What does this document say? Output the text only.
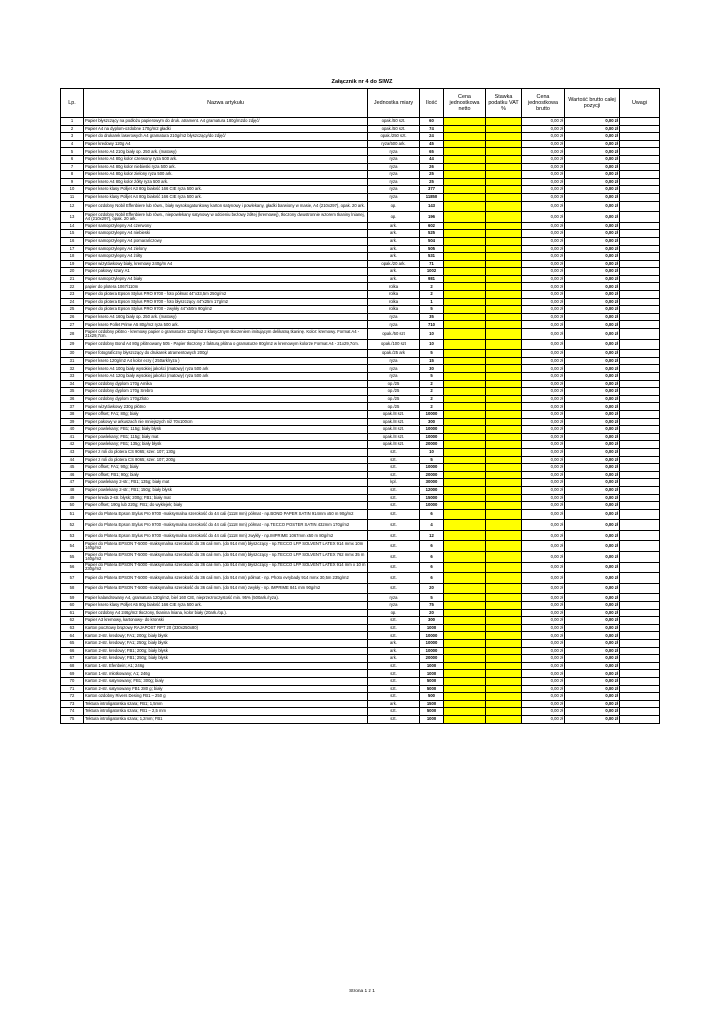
Załącznik nr 4 do SIWZ
Lp.	Nazwa artykułu	Jednostka miary	Ilość	Cena jednostkowa netto	Stawka podatku VAT %	Cena jednostkowa brutto	Wartość brutto całej pozycji	Uwagi
1	Papier błyszczący na podłożu papierowym do druk. atrament. A4 gramatura 180g/m2do zdjęć/	opak./50 szt.	60			0,00 zł	0,00 zł	
2	Papier A4 na dyplom-ozdobne 170g/m2 gładki	opak./50 szt.	74			0,00 zł	0,00 zł	
3	Papier do drukarek laserowych A4 gramatura 210g/m2 błyszczący/do zdjęć/	opak./250 szt.	24			0,00 zł	0,00 zł	
4	Papier kredowy 120g A4	ryza/500 ark.	45			0,00 zł	0,00 zł	
5	Papier ksero A4 210g biały op. 250 ark. (matowy)	ryza	65			0,00 zł	0,00 zł	
6	Papier ksero A4 80g kolor czerwony ryza 500 ark.	ryza	44			0,00 zł	0,00 zł	
7	Papier ksero A4 80g kolor niebieski ryza 500 ark.	ryza	26			0,00 zł	0,00 zł	
8	Papier ksero A4 80g kolor zielony ryza 500 ark.	ryza	25			0,00 zł	0,00 zł	
9	Papier ksero A4 80g kolor żółty ryza 500 ark.	ryza	25			0,00 zł	0,00 zł	
10	Papier ksero klasy Polljet A3 80g białość 166 CIE ryza 500 ark.	ryza	377			0,00 zł	0,00 zł	
11	Papier ksero klasy Polljet A4 80g białość 166 CIE ryza 500 ark.	ryza	11850			0,00 zł	0,00 zł	
12	Papier ozdobny Nobil Effenbiere lub równ., biały wysokogatunkowy karton satynowy i powlekany, gładki barwiony w masie, A4 (210x297), opak. 20 ark.	op.	143			0,00 zł	0,00 zł	
13	Papier ozdobny Nobil Effenbiere lub równ., niepowlekany satynowy w odcieniu beżowy żółtej (kremowej), tłoczony dwustronnie wzorem tkaniny lnianej, A4 (210x297), opak. 20 ark.	op.	196			0,00 zł	0,00 zł	
14	Papier samoprzylepny A4 czerwony	ark.	602			0,00 zł	0,00 zł	
15	Papier samoprzylepny A4 niebieski	ark.	525			0,00 zł	0,00 zł	
16	Papier samoprzylepny A4 pomarańczowy	ark.	504			0,00 zł	0,00 zł	
17	Papier samoprzylepny A4 zielony	ark.	505			0,00 zł	0,00 zł	
18	Papier samoprzylepny A4 żółty	ark.	531			0,00 zł	0,00 zł	
19	Papier wizytówkowy biały, kremowy 240g/m A4	opak./20 ark.	71			0,00 zł	0,00 zł	
20	Papier pakowy szary A1	ark.	1002			0,00 zł	0,00 zł	
21	Papier samoprzylepny A4 biały	ark.	981			0,00 zł	0,00 zł	
22	papier do plotera 1067/110m	rolka	2			0,00 zł	0,00 zł	
23	Papier do plotera Epson Stylus PRO 9700 - foto półmat 44"x33,5m 250g/m2	rolka	2			0,00 zł	0,00 zł	
24	Papier do plotera Epson Stylus PRO 9700 - foto błyszczący 44"x25m 17g/m2	rolka	1			0,00 zł	0,00 zł	
25	Papier do plotera Epson Stylus PRO 9700 - zwykły 44"x50m 90g/m2	rolka	5			0,00 zł	0,00 zł	
26	Papier ksero A4 160g biały op. 250 ark. (matowy)	ryza	35			0,00 zł	0,00 zł	
27	Papier ksero Pollet Prime A5 80g/m2 ryza 500 ark.	ryza	710			0,00 zł	0,00 zł	
28	Papier ozdobny płótno - kremowy papier o gramaturze 120g/m2 z klasycznym tłoczeniem imitującym delikatną tkaninę. Kolor: kremowy. Format A4 - 21x29,7cm.	opak./50 szt	10			0,00 zł	0,00 zł	
29	Papier ozdobny Bond A4 80g płótnowany 505 - Papier tłoczony z fakturą płótna o gramaturze 80g/m2 w kremowym kolorze Format A4 - 21x29,7cm.	opak./100 szt	10			0,00 zł	0,00 zł	
30	Papier fotograficzny błyszczący do drukarek atramentowych 200g/	opak./25 ark	5			0,00 zł	0,00 zł	
31	Papier ksero 120g/m2 A4 kolor ecry ( 250ark/ryza )	ryza	15			0,00 zł	0,00 zł	
32	Papier ksero A4 100g biały wysokiej jakości (matowy) ryza 500 ark	ryza	30			0,00 zł	0,00 zł	
33	Papier ksero A4 120g biały wysokiej jakości (matowy) ryza 500 ark	ryza	5			0,00 zł	0,00 zł	
34	Papier ozdobny dyplom 170g Amika	op./25	2			0,00 zł	0,00 zł	
35	Papier ozdobny dyplom 170g Srebro	op./25	2			0,00 zł	0,00 zł	
36	Papier ozdobny dyplom 170gZłoto	op./25	2			0,00 zł	0,00 zł	
37	Papier wizytówkowy 230g płótno	op./25	2			0,00 zł	0,00 zł	
38	Papier offset; FA1; 80g; biały	opak./8 szt.	10000			0,00 zł	0,00 zł	
39	Papier pakowy w arkuszach nie mniejszych niż 70x100cm	opak./8 szt.	300			0,00 zł	0,00 zł	
40	Papier powlekany; FB1; 115g; biały błysk	opak./8 szt.	10000			0,00 zł	0,00 zł	
41	Papier powlekany; FB1; 115g; biały mat	opak./8 szt.	10000			0,00 zł	0,00 zł	
42	Papier powlekany; FB1; 135g; biały błysk	opak./8 szt.	20000			0,00 zł	0,00 zł	
43	Papier z roli do plotera CS 9065; szer. 107; 130g	szt.	10			0,00 zł	0,00 zł	
44	Papier z roli do plotera CS 9065; szer. 107; 200g	szt.	5			0,00 zł	0,00 zł	
45	Papier offset; FA1; 90g; biały	szt.	10000			0,00 zł	0,00 zł	
46	Papier offset; FB1; 90g; biały	szt.	20000			0,00 zł	0,00 zł	
47	Papier powlekany 2-str.; FB1; 135g; biały mat	kpl.	30000			0,00 zł	0,00 zł	
48	Papier powlekany 2-str.; FB1; 150g; biały błysk	szt.	12000			0,00 zł	0,00 zł	
49	Papier kreda 2-str. błysk; 200g; FB1; biały mat	szt.	15000			0,00 zł	0,00 zł	
50	Papier offset; 190g lub 220g; FB1; do wyklejek; biały	szt.	10000			0,00 zł	0,00 zł	
51	Papier do Plotera Epson Stylus Pro 9700 -maksymalna szerokość do 44 cali (1118 mm) półmat - np.BOND PAPER SATIN 914mm x50 m 90g/m2	szt.	6			0,00 zł	0,00 zł	
52	Papier do Plotera Epson Stylus Pro 9700 -maksymalna szerokość do 44 cali (1118 mm) półmat - np.TECCO POSTER SATIN 432mm 170g/m2	szt.	4			0,00 zł	0,00 zł	
53	Papier do Plotera Epson Stylus Pro 9700 -maksymalna szerokość do 44 cali (1118 mm) zwykły - np.IMPRIME 1067mm x50 m 80g/m2	szt.	12			0,00 zł	0,00 zł	
54	Papier do Plotera EPSON T-5000 -maksymalna szerokość do 36 cali mm. (do 914 mm) błyszczący - np.TECCO LFP SOLVENT LATEX 914 mmx 10m 140g/m2	szt.	6			0,00 zł	0,00 zł	
55	Papier do Plotera EPSON T-5000 -maksymalna szerokość do 36 cali mm. (do 914 mm) błyszczący - np.TECCO LFP SOLVENT LATEX 762 mmx 35 m 140g/m2	szt.	6			0,00 zł	0,00 zł	
56	Papier do Plotera EPSON T-5000 -maksymalna szerokość do 36 cali mm. (do 914 mm) błyszczący - np.TECCO LFP SOLVENT LATEX 914 mm x 10 m 230g/m2	szt.	6			0,00 zł	0,00 zł	
57	Papier do Plotera EPSON T-5000 -maksymalna szerokość do 36 cali mm. (do 914 mm) półmat - np. Photo evrybady 914 mmx 30,5m 235g/m2	szt.	6			0,00 zł	0,00 zł	
58	Papier do Plotera EPSON T-5000 -maksymalna szerokość do 36 cali mm. (do 914 mm) zwykły - np. IMPRIME 841 mm 90g/m2	szt.	20			0,00 zł	0,00 zł	
59	Papier kalandrowany A4, gramatura 120g/m2, biel 160 CIE, nieprzezroczystość min. 95% (500ark./ryza).	ryza	5			0,00 zł	0,00 zł	
60	Papier ksero klasy Polljet A5 80g białość 166 CIE ryza 500 ark.	ryza	75			0,00 zł	0,00 zł	
61	Papier ozdobny A4 246g/m2 tłoczony, tkanina lniana, kolor biały (20ark./op.).	op.	20			0,00 zł	0,00 zł	
62	Papier A3 kremowy, kartonowy- do kronski	szt.	300			0,00 zł	0,00 zł	
63	Karton pocztowy brązowy RAJAPOST RPT 20 (330x250x80)	szt.	1000			0,00 zł	0,00 zł	
64	Karton 2-str. kredowy; FA1; 200g; biały błysk	szt.	10000			0,00 zł	0,00 zł	
65	Karton 2-str. kredowy; FA1; 250g; biały błysk	ark.	10000			0,00 zł	0,00 zł	
66	Karton 2-str. kredowy; FB1; 200g; biały błysk	ark.	10000			0,00 zł	0,00 zł	
67	Karton 2-str. kredowy; FB1; 250g; biały błysk	ark.	20000			0,00 zł	0,00 zł	
68	Karton 1-str. Efenbein; A1; 246g	szt.	1000			0,00 zł	0,00 zł	
69	Karton 1-str. młotkowany; A1; 246g	szt.	1000			0,00 zł	0,00 zł	
70	Karton 2-str. satynowany; FB1; 300g; biały	szt.	5000			0,00 zł	0,00 zł	
71	Karton 2-str. satynowany FB1 280 g; biały	szt.	5000			0,00 zł	0,00 zł	
72	Karton ozdobny Rivers Desing FB1 – 250 g	szt.	500			0,00 zł	0,00 zł	
73	Tektura introligatorska szara; FB1; 1,5mm	ark.	1500			0,00 zł	0,00 zł	
74	Tektura introligatorska szara; FB1 – 2,5 mm	szt.	5000			0,00 zł	0,00 zł	
75	Tektura introligatorska szara; 1,2mm; FB1	szt.	1000			0,00 zł	0,00 zł	
Strona 1 z 1
